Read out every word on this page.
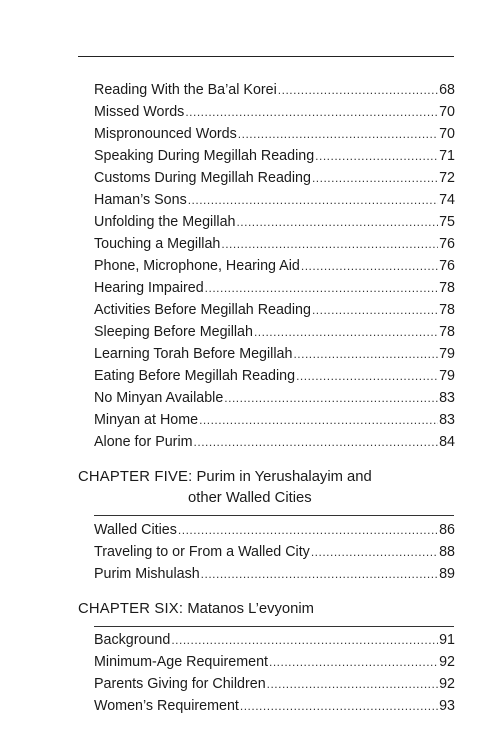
Reading With the Ba’al Korei .....	68
Missed Words .....	70
Mispronounced Words .....	70
Speaking During Megillah Reading .....	71
Customs During Megillah Reading .....	72
Haman’s Sons .....	74
Unfolding the Megillah .....	75
Touching a Megillah .....	76
Phone, Microphone, Hearing Aid .....	76
Hearing Impaired .....	78
Activities Before Megillah Reading .....	78
Sleeping Before Megillah .....	78
Learning Torah Before Megillah .....	79
Eating Before Megillah Reading .....	79
No Minyan Available .....	83
Minyan at Home .....	83
Alone for Purim .....	84
CHAPTER FIVE: Purim in Yerushalayim and
other Walled Cities
Walled Cities .....	86
Traveling to or From a Walled City .....	88
Purim Mishulash .....	89
CHAPTER SIX: Matanos L’evyonim
Background .....	91
Minimum-Age Requirement .....	92
Parents Giving for Children .....	92
Women’s Requirement .....	93
